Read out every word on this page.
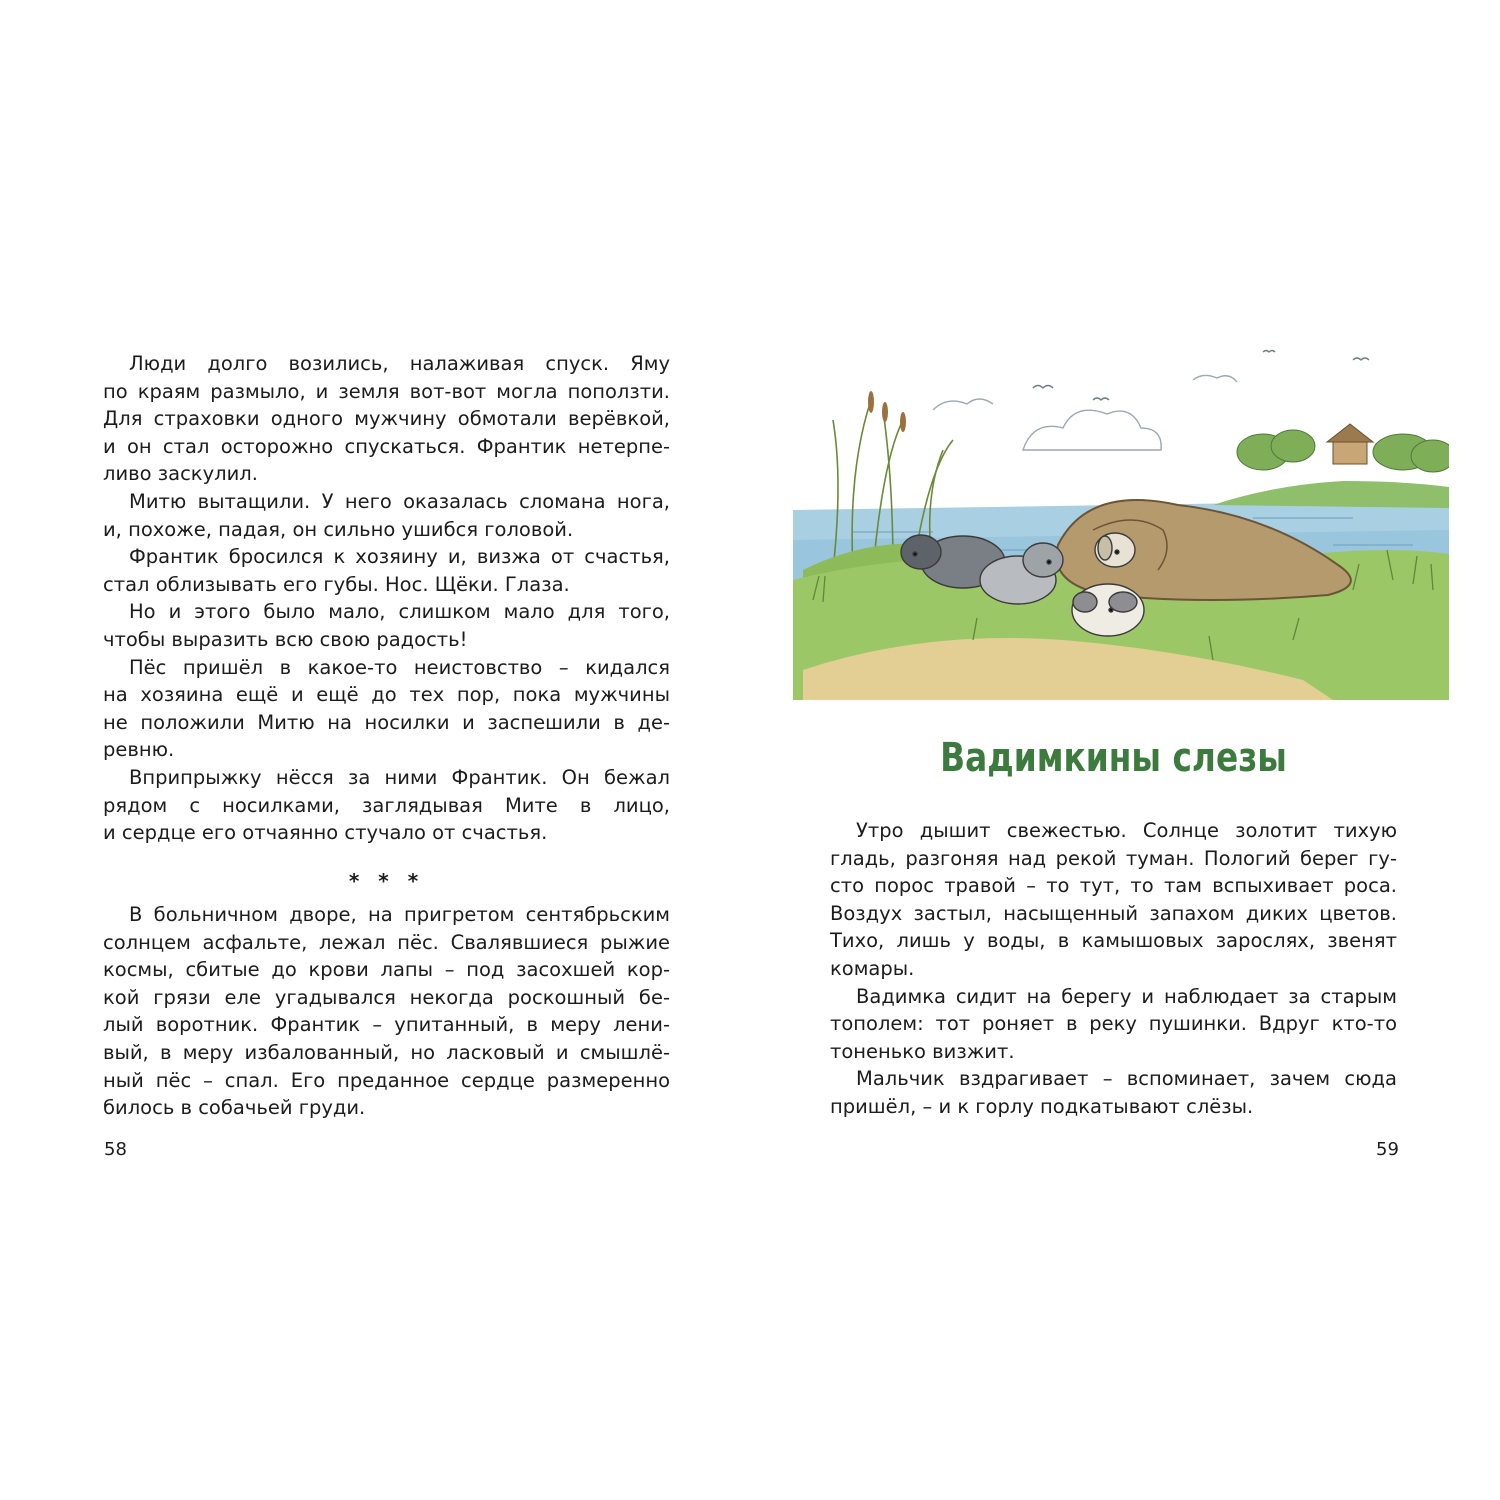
Люди долго возились, налаживая спуск. Яму
по краям размыло, и земля вот-вот могла поползти.
Для страховки одного мужчину обмотали верёвкой,
и он стал осторожно спускаться. Франтик нетерпе-
ливо заскулил.
Митю вытащили. У него оказалась сломана нога,
и, похоже, падая, он сильно ушибся головой.
Франтик бросился к хозяину и, визжа от счастья,
стал облизывать его губы. Нос. Щёки. Глаза.
Но и этого было мало, слишком мало для того,
чтобы выразить всю свою радость!
Пёс пришёл в какое-то неистовство – кидался
на хозяина ещё и ещё до тех пор, пока мужчины
не положили Митю на носилки и заспешили в де-
ревню.
Вприпрыжку нёсся за ними Франтик. Он бежал
рядом с носилками, заглядывая Мите в лицо,
и сердце его отчаянно стучало от счастья.
* * *
В больничном дворе, на пригретом сентябрьским
солнцем асфальте, лежал пёс. Свалявшиеся рыжие
космы, сбитые до крови лапы – под засохшей кор-
кой грязи еле угадывался некогда роскошный бе-
лый воротник. Франтик – упитанный, в меру лени-
вый, в меру избалованный, но ласковый и смышлё-
ный пёс – спал. Его преданное сердце размеренно
билось в собачьей груди.
58
Вадимкины слезы
Утро дышит свежестью. Солнце золотит тихую
гладь, разгоняя над рекой туман. Пологий берег гу-
сто порос травой – то тут, то там вспыхивает роса.
Воздух застыл, насыщенный запахом диких цветов.
Тихо, лишь у воды, в камышовых зарослях, звенят
комары.
Вадимка сидит на берегу и наблюдает за старым
тополем: тот роняет в реку пушинки. Вдруг кто-то
тоненько визжит.
Мальчик вздрагивает – вспоминает, зачем сюда
пришёл, – и к горлу подкатывают слёзы.
59
